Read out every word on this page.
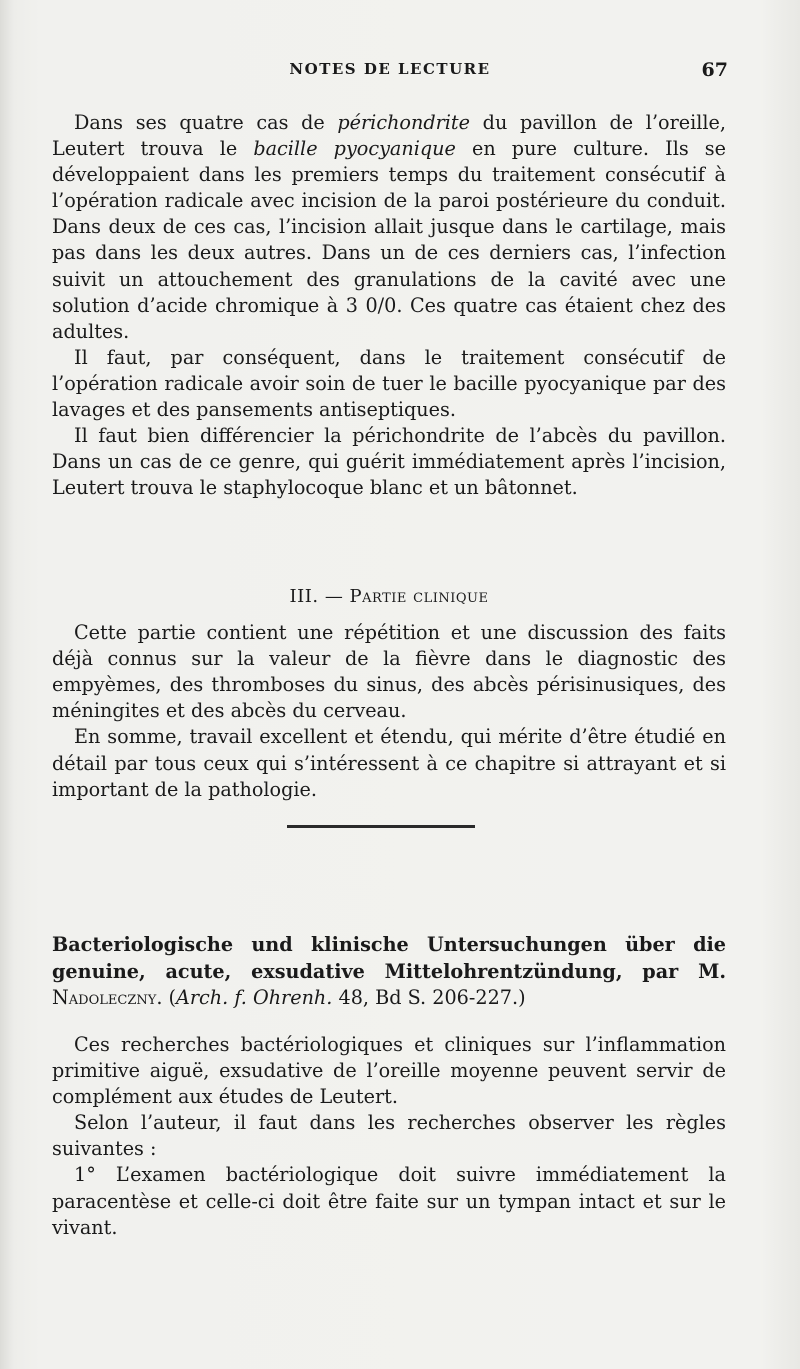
NOTES DE LECTURE	67

Dans ses quatre cas de périchondrite du pavillon de l’oreille, Leutert trouva le bacille pyocyanique en pure culture. Ils se développaient dans les premiers temps du traitement consécutif à l’opération radicale avec incision de la paroi postérieure du conduit. Dans deux de ces cas, l’incision allait jusque dans le cartilage, mais pas dans les deux autres. Dans un de ces derniers cas, l’infection suivit un attouchement des granulations de la cavité avec une solution d’acide chromique à 3 0/0. Ces quatre cas étaient chez des adultes.

Il faut, par conséquent, dans le traitement consécutif de l’opération radicale avoir soin de tuer le bacille pyocyanique par des lavages et des pansements antiseptiques.

Il faut bien différencier la périchondrite de l’abcès du pavillon. Dans un cas de ce genre, qui guérit immédiatement après l’incision, Leutert trouva le staphylocoque blanc et un bâtonnet.

III. — Partie clinique

Cette partie contient une répétition et une discussion des faits déjà connus sur la valeur de la fièvre dans le diagnostic des empyèmes, des thromboses du sinus, des abcès périsinusiques, des méningites et des abcès du cerveau.

En somme, travail excellent et étendu, qui mérite d’être étudié en détail par tous ceux qui s’intéressent à ce chapitre si attrayant et si important de la pathologie.

Bacteriologische und klinische Untersuchungen über die genuine, acute, exsudative Mittelohrentzündung, par M. Nadoleczny. (Arch. f. Ohrenh. 48, Bd S. 206-227.)

Ces recherches bactériologiques et cliniques sur l’inflammation primitive aiguë, exsudative de l’oreille moyenne peuvent servir de complément aux études de Leutert.

Selon l’auteur, il faut dans les recherches observer les règles suivantes :

1° L’examen bactériologique doit suivre immédiatement la paracentèse et celle-ci doit être faite sur un tympan intact et sur le vivant.
